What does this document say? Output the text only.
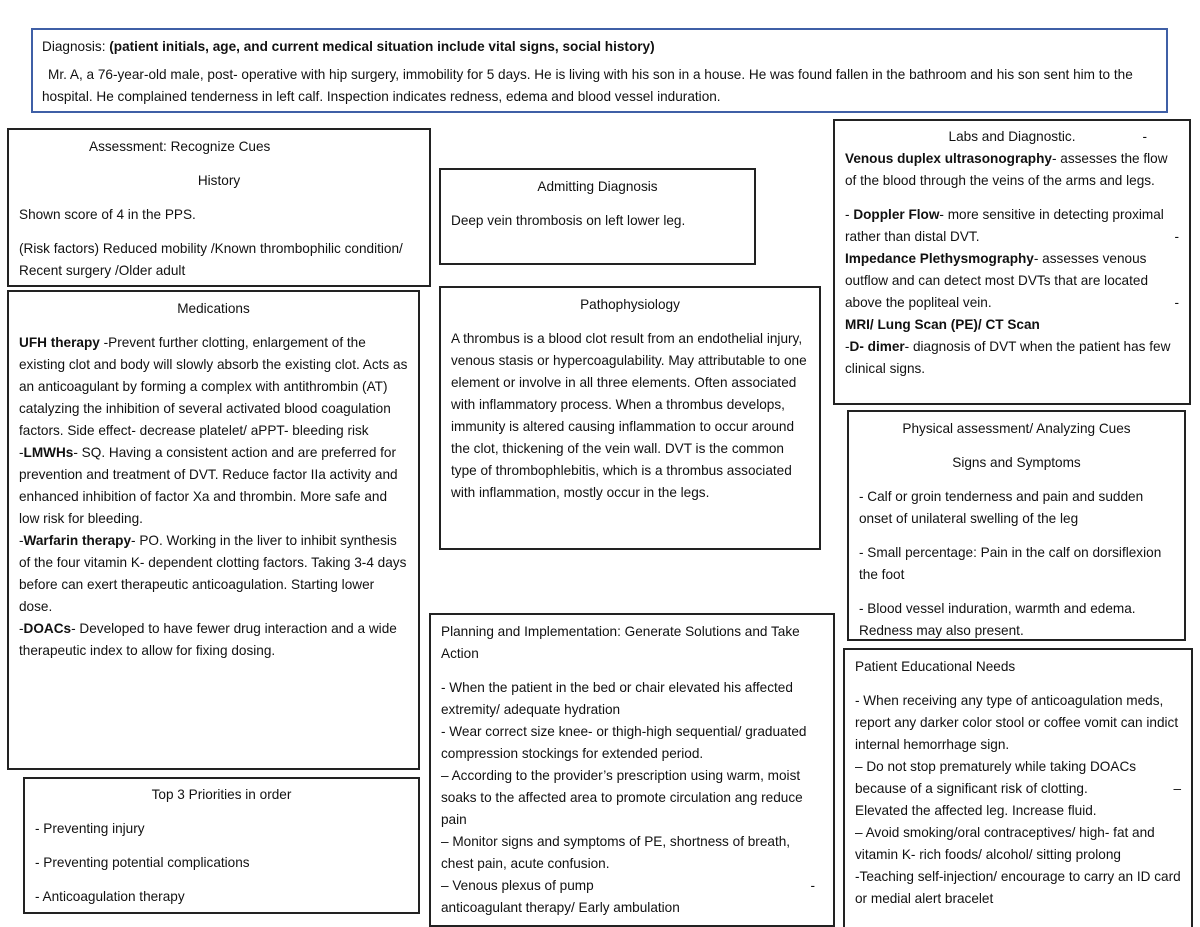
Diagnosis: (patient initials, age, and current medical situation include vital signs, social history)

Mr. A, a 76-year-old male, post- operative with hip surgery, immobility for 5 days. He is living with his son in a house. He was found fallen in the bathroom and his son sent him to the hospital. He complained tenderness in left calf. Inspection indicates redness, edema and blood vessel induration.

Assessment: Recognize Cues

History

Shown score of 4 in the PPS.

(Risk factors) Reduced mobility /Known thrombophilic condition/ Recent surgery /Older adult

Admitting Diagnosis

Deep vein thrombosis on left lower leg.

Labs and Diagnostic.	-

Venous duplex ultrasonography- assesses the flow of the blood through the veins of the arms and legs.

- Doppler Flow- more sensitive in detecting proximal rather than distal DVT.	-

Impedance Plethysmography- assesses venous outflow and can detect most DVTs that are located above the popliteal vein.	-

MRI/ Lung Scan (PE)/ CT Scan

-D- dimer- diagnosis of DVT when the patient has few clinical signs.

Medications

UFH therapy -Prevent further clotting, enlargement of the existing clot and body will slowly absorb the existing clot. Acts as an anticoagulant by forming a complex with antithrombin (AT) catalyzing the inhibition of several activated blood coagulation factors. Side effect- decrease platelet/ aPPT- bleeding risk

-LMWHs- SQ. Having a consistent action and are preferred for prevention and treatment of DVT. Reduce factor IIa activity and enhanced inhibition of factor Xa and thrombin. More safe and low risk for bleeding.

-Warfarin therapy- PO. Working in the liver to inhibit synthesis of the four vitamin K- dependent clotting factors. Taking 3-4 days before can exert therapeutic anticoagulation. Starting lower dose.

-DOACs- Developed to have fewer drug interaction and a wide therapeutic index to allow for fixing dosing.

Pathophysiology

A thrombus is a blood clot result from an endothelial injury, venous stasis or hypercoagulability. May attributable to one element or involve in all three elements. Often associated with inflammatory process. When a thrombus develops, immunity is altered causing inflammation to occur around the clot, thickening of the vein wall. DVT is the common type of thrombophlebitis, which is a thrombus associated with inflammation, mostly occur in the legs.

Physical assessment/ Analyzing Cues

Signs and Symptoms

- Calf or groin tenderness and pain and sudden onset of unilateral swelling of the leg

- Small percentage: Pain in the calf on dorsiflexion the foot

- Blood vessel induration, warmth and edema. Redness may also present.

Planning and Implementation: Generate Solutions and Take Action

- When the patient in the bed or chair elevated his affected extremity/ adequate hydration

- Wear correct size knee- or thigh-high sequential/ graduated compression stockings for extended period.

– According to the provider’s prescription using warm, moist soaks to the affected area to promote circulation ang reduce pain

– Monitor signs and symptoms of PE, shortness of breath, chest pain, acute confusion.

– Venous plexus of pump	-

anticoagulant therapy/ Early ambulation

Top 3 Priorities in order

- Preventing injury

- Preventing potential complications

- Anticoagulation therapy

Patient Educational Needs

- When receiving any type of anticoagulation meds, report any darker color stool or coffee vomit can indict internal hemorrhage sign.

– Do not stop prematurely while taking DOACs because of a significant risk of clotting.	–

Elevated the affected leg. Increase fluid.

– Avoid smoking/oral contraceptives/ high- fat and vitamin K- rich foods/ alcohol/ sitting prolong

-Teaching self-injection/ encourage to carry an ID card or medial alert bracelet
